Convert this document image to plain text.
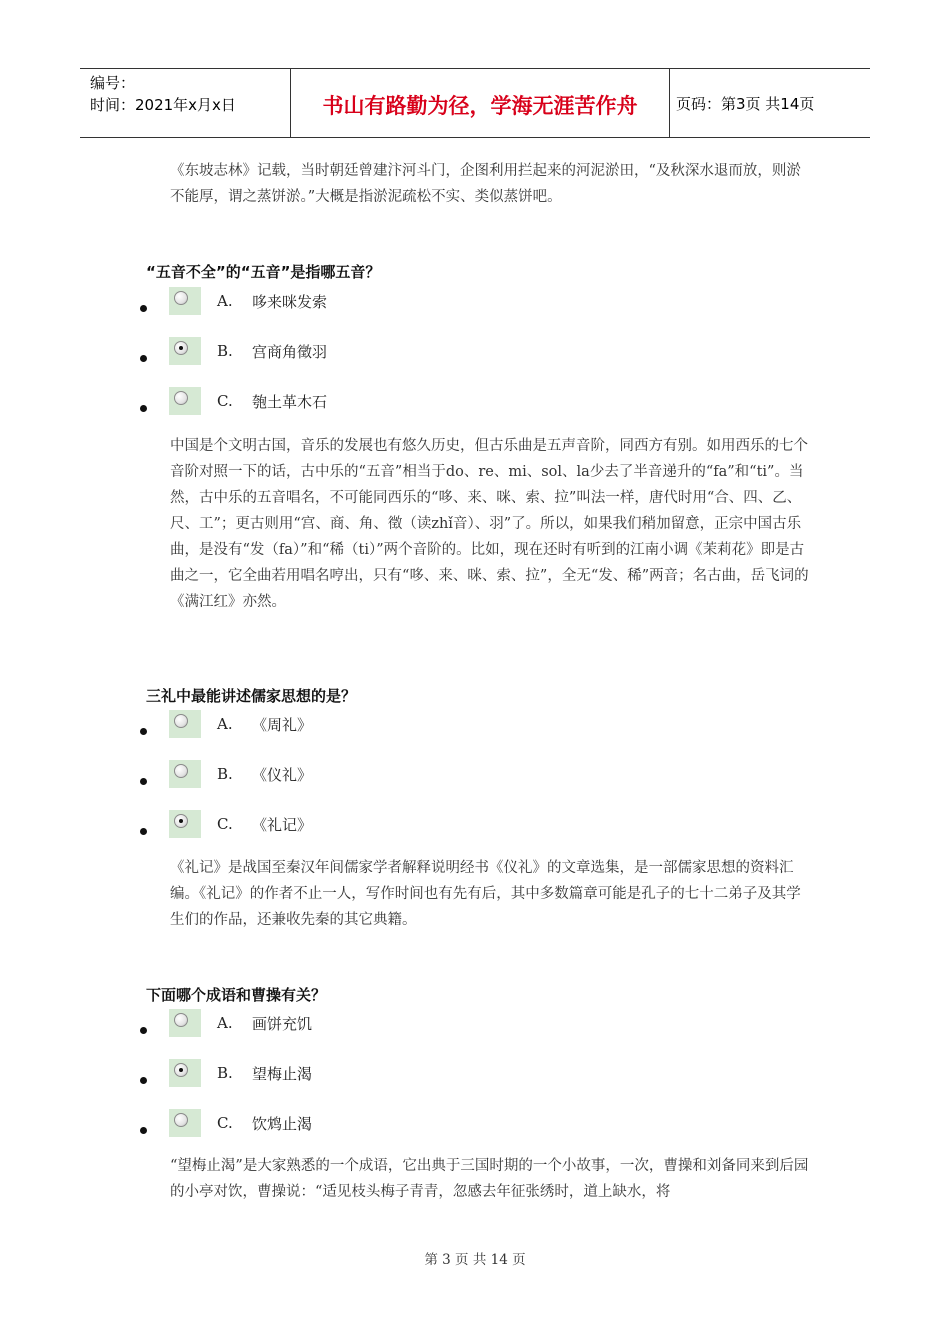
编号：
时间：2021年x月x日	书山有路勤为径，学海无涯苦作舟	页码：第3页 共14页
《东坡志林》记载，当时朝廷曾建汴河斗门，企图利用拦起来的河泥淤田，“及秋深水退而放，则淤不能厚，谓之蒸饼淤。”大概是指淤泥疏松不实、类似蒸饼吧。
“五音不全”的“五音”是指哪五音？
A.	哆来咪发索
B.	宫商角徵羽
C.	匏土革木石
中国是个文明古国，音乐的发展也有悠久历史，但古乐曲是五声音阶，同西方有别。如用西乐的七个音阶对照一下的话，古中乐的“五音”相当于do、re、mi、sol、la少去了半音递升的“fa”和“ti”。当然，古中乐的五音唱名，不可能同西乐的“哆、来、咪、索、拉”叫法一样，唐代时用“合、四、乙、尺、工”；更古则用“宫、商、角、徵（读zhǐ音）、羽”了。所以，如果我们稍加留意，正宗中国古乐曲，是没有“发（fa）”和“稀（ti）”两个音阶的。比如，现在还时有听到的江南小调《茉莉花》即是古曲之一，它全曲若用唱名哼出，只有“哆、来、咪、索、拉”，全无“发、稀”两音；名古曲，岳飞词的《满江红》亦然。
三礼中最能讲述儒家思想的是？
A.	《周礼》
B.	《仪礼》
C.	《礼记》
《礼记》是战国至秦汉年间儒家学者解释说明经书《仪礼》的文章选集，是一部儒家思想的资料汇编。《礼记》的作者不止一人，写作时间也有先有后，其中多数篇章可能是孔子的七十二弟子及其学生们的作品，还兼收先秦的其它典籍。
下面哪个成语和曹操有关？
A.	画饼充饥
B.	望梅止渴
C.	饮鸩止渴
“望梅止渴”是大家熟悉的一个成语，它出典于三国时期的一个小故事，一次，曹操和刘备同来到后园的小亭对饮，曹操说：“适见枝头梅子青青，忽感去年征张绣时，道上缺水，将
第 3 页 共 14 页
